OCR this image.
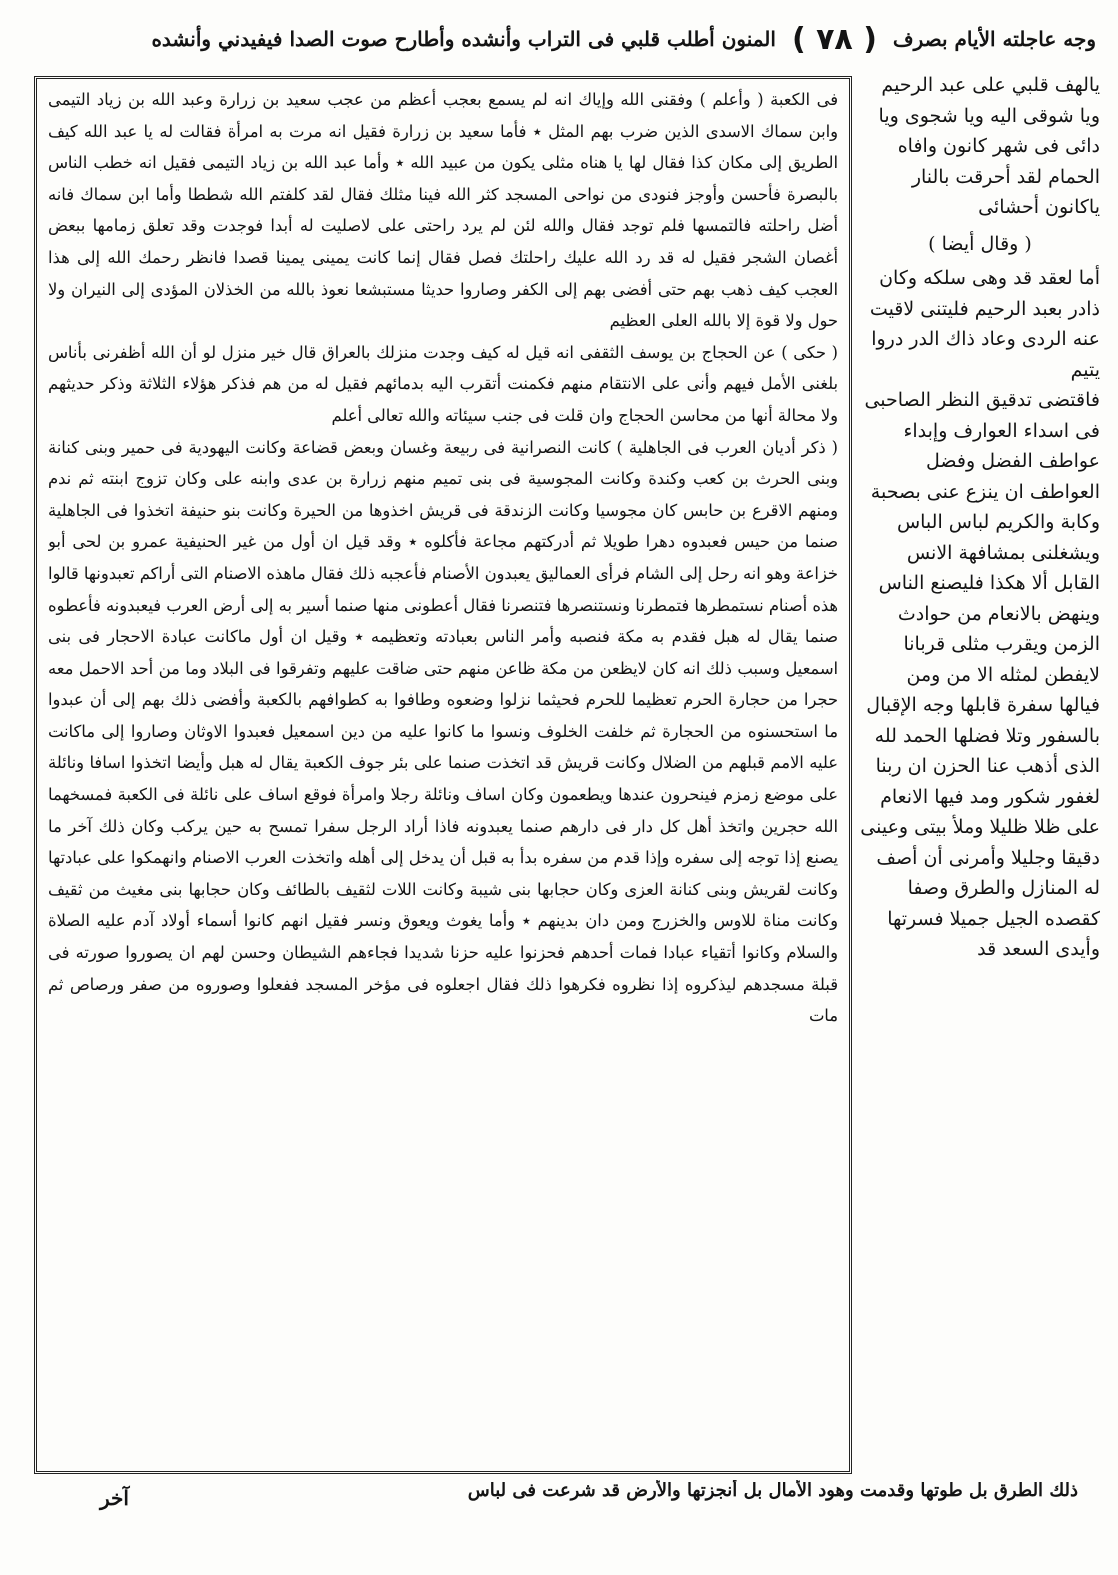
وجه عاجلته الأيام بصرف
( ٧٨ )
المنون أطلب قلبي فى التراب وأنشده وأطارح صوت الصدا فيفيدني وأنشده

فى الكعبة ( وأعلم ) وفقنى الله وإياك انه لم يسمع بعجب أعظم من عجب سعيد بن زرارة وعبد الله بن زياد التيمى وابن سماك الاسدى الذين ضرب بهم المثل ٭ فأما سعيد بن زرارة فقيل انه مرت به امرأة فقالت له يا عبد الله كيف الطريق إلى مكان كذا فقال لها يا هناه مثلى يكون من عبيد الله ٭ وأما عبد الله بن زياد التيمى فقيل انه خطب الناس بالبصرة فأحسن وأوجز فنودى من نواحى المسجد كثر الله فينا مثلك فقال لقد كلفتم الله شططا وأما ابن سماك فانه أضل راحلته فالتمسها فلم توجد فقال والله لئن لم يرد راحتى على لاصليت له أبدا فوجدت وقد تعلق زمامها ببعض أغصان الشجر فقيل له قد رد الله عليك راحلتك فصل فقال إنما كانت يمينى يمينا قصدا فانظر رحمك الله إلى هذا العجب كيف ذهب بهم حتى أفضى بهم إلى الكفر وصاروا حديثا مستبشعا نعوذ بالله من الخذلان المؤدى إلى النيران ولا حول ولا قوة إلا بالله العلى العظيم

( حكى ) عن الحجاج بن يوسف الثقفى انه قيل له كيف وجدت منزلك بالعراق قال خير منزل لو أن الله أظفرنى بأناس بلغنى الأمل فيهم وأنى على الانتقام منهم فكمنت أتقرب اليه بدمائهم فقيل له من هم فذكر هؤلاء الثلاثة وذكر حديثهم ولا محالة أنها من محاسن الحجاج وان قلت فى جنب سيئاته والله تعالى أعلم

( ذكر أديان العرب فى الجاهلية ) كانت النصرانية فى ربيعة وغسان وبعض قضاعة وكانت اليهودية فى حمير وبنى كنانة وبنى الحرث بن كعب وكندة وكانت المجوسية فى بنى تميم منهم زرارة بن عدى وابنه على وكان تزوج ابنته ثم ندم ومنهم الاقرع بن حابس كان مجوسيا وكانت الزندقة فى قريش اخذوها من الحيرة وكانت بنو حنيفة اتخذوا فى الجاهلية صنما من حيس فعبدوه دهرا طويلا ثم أدركتهم مجاعة فأكلوه ٭ وقد قيل ان أول من غير الحنيفية عمرو بن لحى أبو خزاعة وهو انه رحل إلى الشام فرأى العماليق يعبدون الأصنام فأعجبه ذلك فقال ماهذه الاصنام التى أراكم تعبدونها قالوا هذه أصنام نستمطرها فتمطرنا ونستنصرها فتنصرنا فقال أعطونى منها صنما أسير به إلى أرض العرب فيعبدونه فأعطوه صنما يقال له هبل فقدم به مكة فنصبه وأمر الناس بعبادته وتعظيمه ٭ وقيل ان أول ماكانت عبادة الاحجار فى بنى اسمعيل وسبب ذلك انه كان لايظعن من مكة ظاعن منهم حتى ضاقت عليهم وتفرقوا فى البلاد وما من أحد الاحمل معه حجرا من حجارة الحرم تعظيما للحرم فحيثما نزلوا وضعوه وطافوا به كطوافهم بالكعبة وأفضى ذلك بهم إلى أن عبدوا ما استحسنوه من الحجارة ثم خلفت الخلوف ونسوا ما كانوا عليه من دين اسمعيل فعبدوا الاوثان وصاروا إلى ماكانت عليه الامم قبلهم من الضلال وكانت قريش قد اتخذت صنما على بئر جوف الكعبة يقال له هبل وأيضا اتخذوا اسافا ونائلة على موضع زمزم فينحرون عندها ويطعمون وكان اساف ونائلة رجلا وامرأة فوقع اساف على نائلة فى الكعبة فمسخهما الله حجرين واتخذ أهل كل دار فى دارهم صنما يعبدونه فاذا أراد الرجل سفرا تمسح به حين يركب وكان ذلك آخر ما يصنع إذا توجه إلى سفره وإذا قدم من سفره بدأ به قبل أن يدخل إلى أهله واتخذت العرب الاصنام وانهمكوا على عبادتها وكانت لقريش وبنى كنانة العزى وكان حجابها بنى شيبة وكانت اللات لثقيف بالطائف وكان حجابها بنى مغيث من ثقيف وكانت مناة للاوس والخزرج ومن دان بدينهم ٭ وأما يغوث ويعوق ونسر فقيل انهم كانوا أسماء أولاد آدم عليه الصلاة والسلام وكانوا أتقياء عبادا فمات أحدهم فحزنوا عليه حزنا شديدا فجاءهم الشيطان وحسن لهم ان يصوروا صورته فى قبلة مسجدهم ليذكروه إذا نظروه فكرهوا ذلك فقال اجعلوه فى مؤخر المسجد ففعلوا وصوروه من صفر ورصاص ثم مات

يالهف قلبي على عبد الرحيم ويا شوقى اليه ويا شجوى ويا دائى فى شهر كانون وافاه الحمام لقد أحرقت بالنار ياكانون أحشائى

( وقال أيضا )

أما لعقد قد وهى سلكه وكان ذادر بعبد الرحيم فليتنى لاقيت عنه الردى وعاد ذاك الدر دروا يتيم

فاقتضى تدقيق النظر الصاحبى فى اسداء العوارف وإبداء عواطف الفضل وفضل العواطف ان ينزع عنى بصحبة وكابة والكريم لباس الباس ويشغلنى بمشافهة الانس القابل ألا هكذا فليصنع الناس وينهض بالانعام من حوادث الزمن ويقرب مثلى قربانا لايفطن لمثله الا من ومن فيالها سفرة قابلها وجه الإقبال بالسفور وتلا فضلها الحمد لله الذى أذهب عنا الحزن ان ربنا لغفور شكور ومد فيها الانعام على ظلا ظليلا وملأ بيتى وعينى دقيقا وجليلا وأمرنى أن أصف له المنازل والطرق وصفا كقصده الجيل جميلا فسرتها وأيدى السعد قد

ذلك الطرق بل طوتها وقدمت وهود الأمال بل أنجزتها والأرض قد شرعت فى لباس
آخر
